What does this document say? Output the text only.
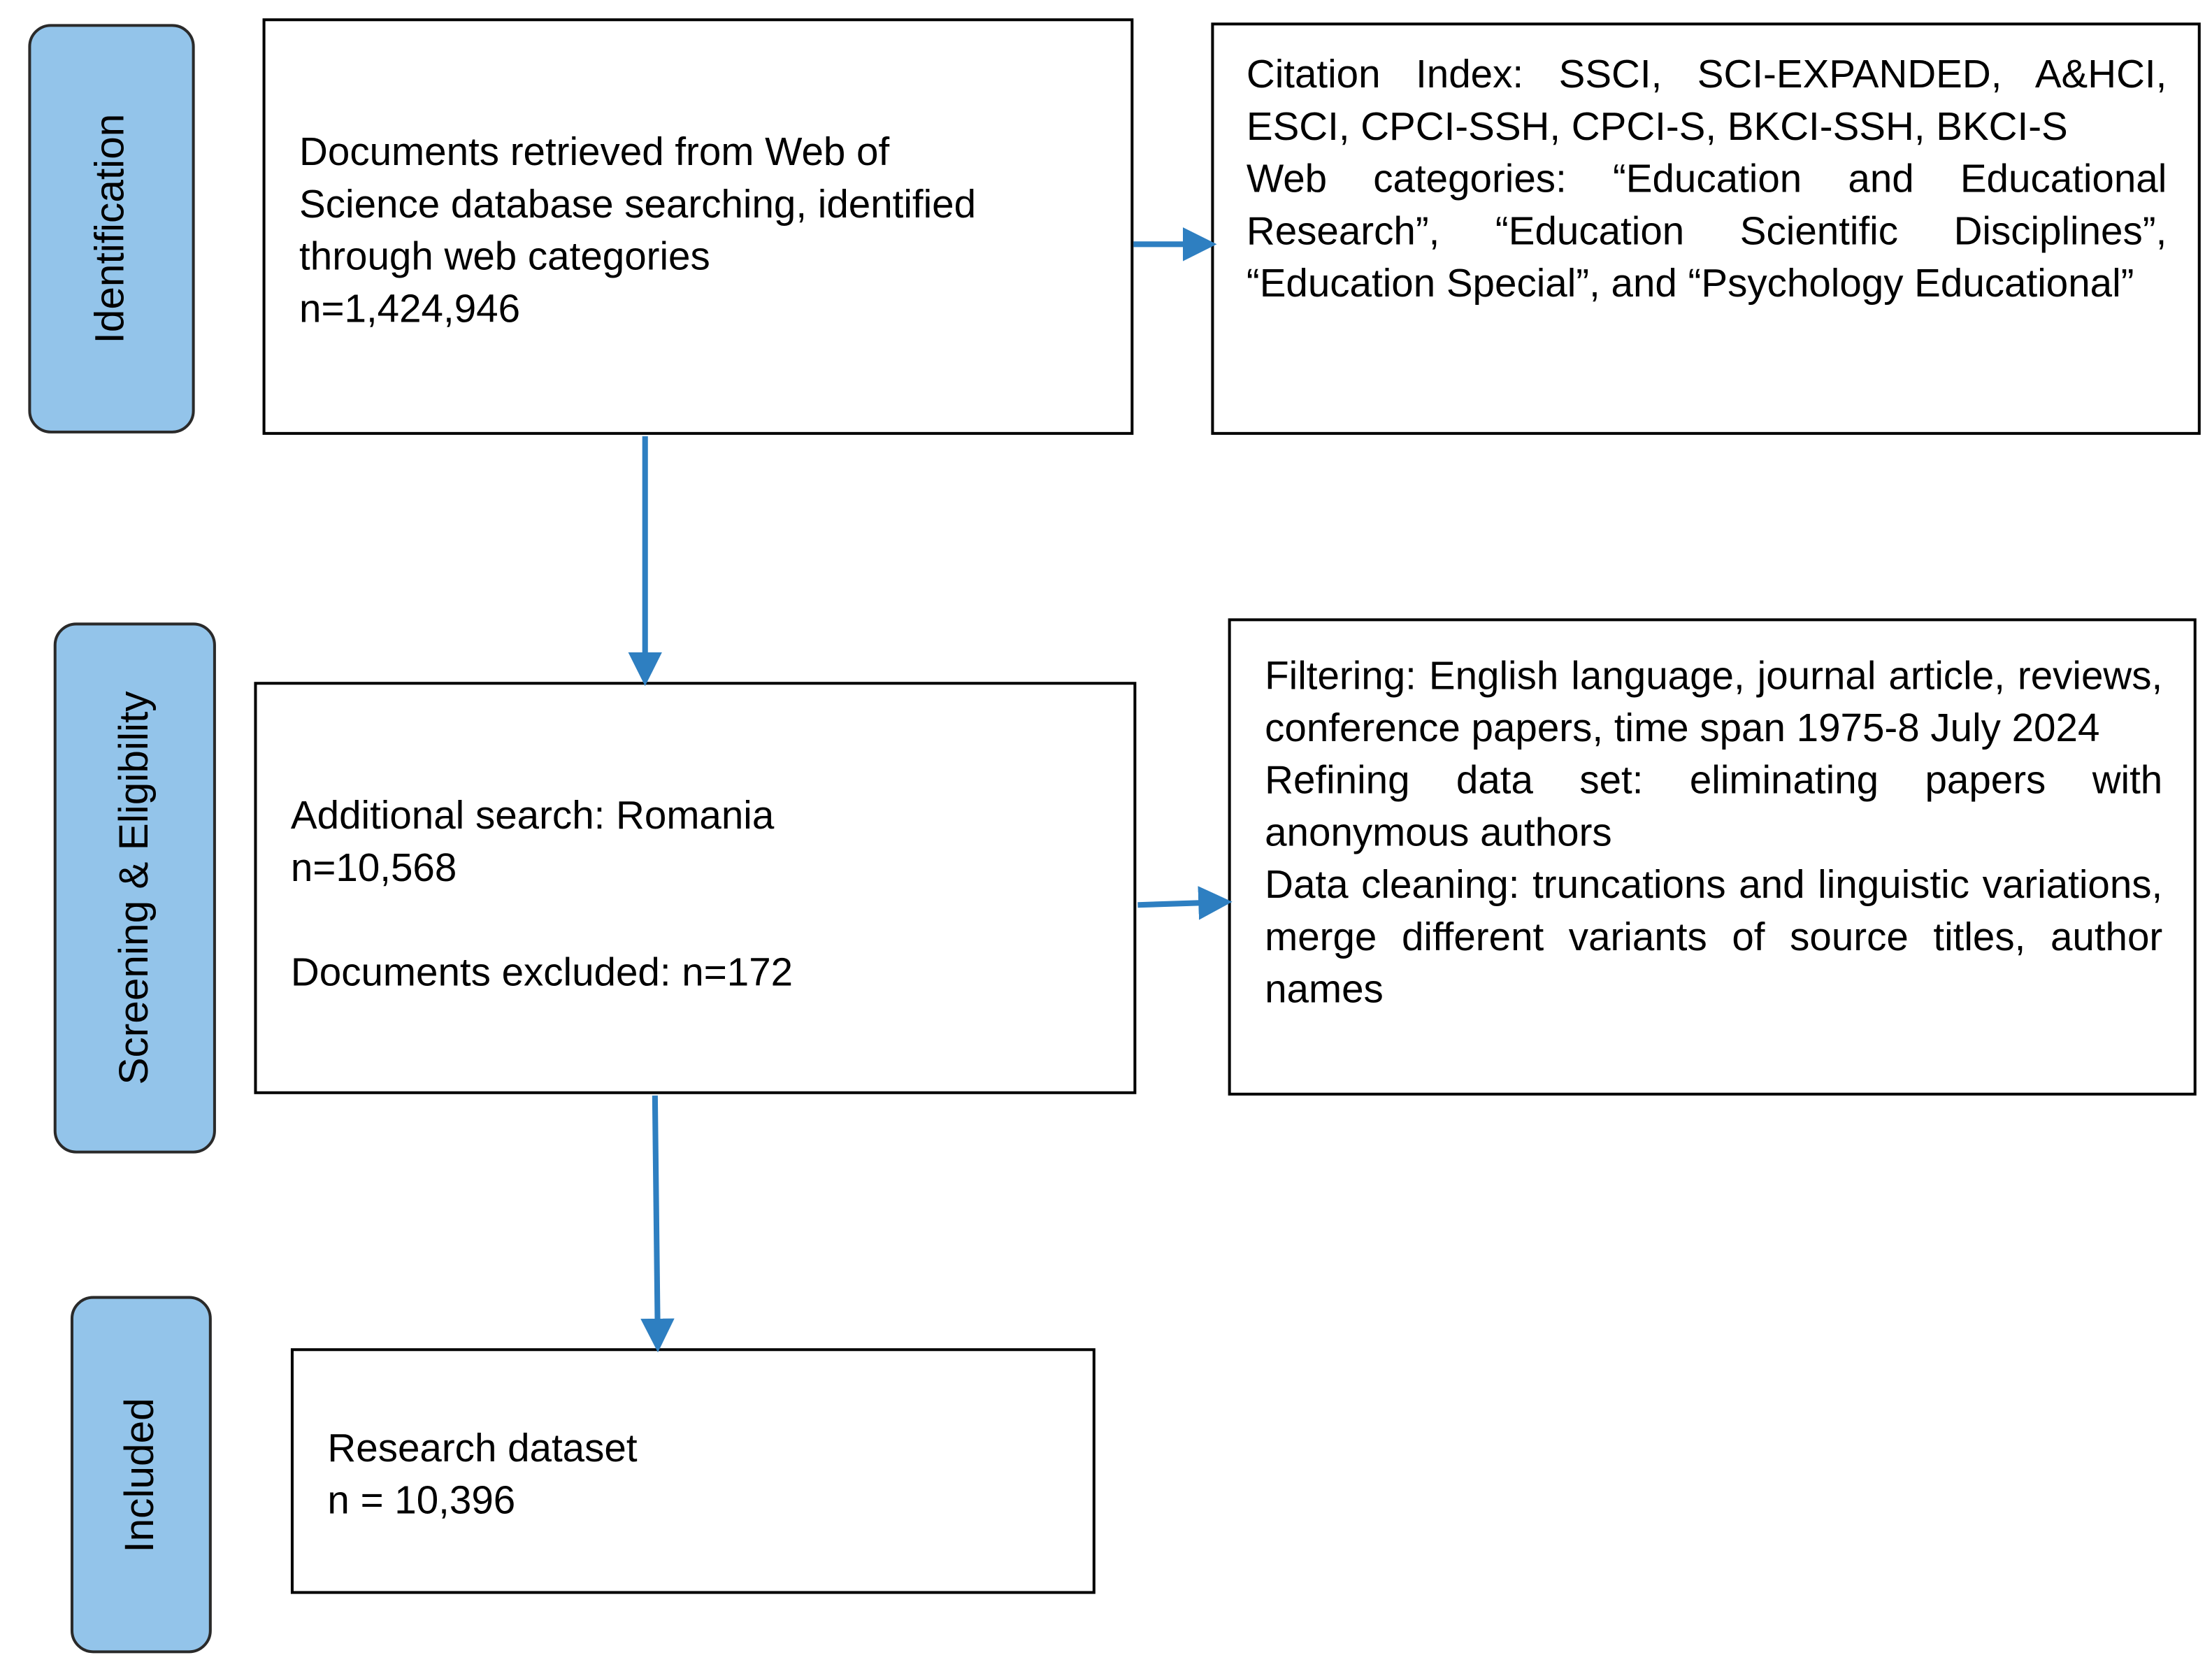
Identification
Screening & Eligibility
Included

Documents retrieved from Web of

Science database searching, identified

through web categories

n=1,424,946

Citation Index: SSCI, SCI-EXPANDED, A&HCI, ESCI, CPCI-SSH, CPCI-S, BKCI-SSH, BKCI-S

Web categories: “Education and Educational Research”, “Education Scientific Disciplines”, “Education Special”, and “Psychology Educational”

Additional search: Romania

n=10,568

Documents excluded: n=172

Filtering: English language, journal article, reviews, conference papers, time span 1975-8 July 2024

Refining data set: eliminating papers with anonymous authors

Data cleaning: truncations and linguistic variations, merge different variants of source titles, author names

Research dataset

n = 10,396
